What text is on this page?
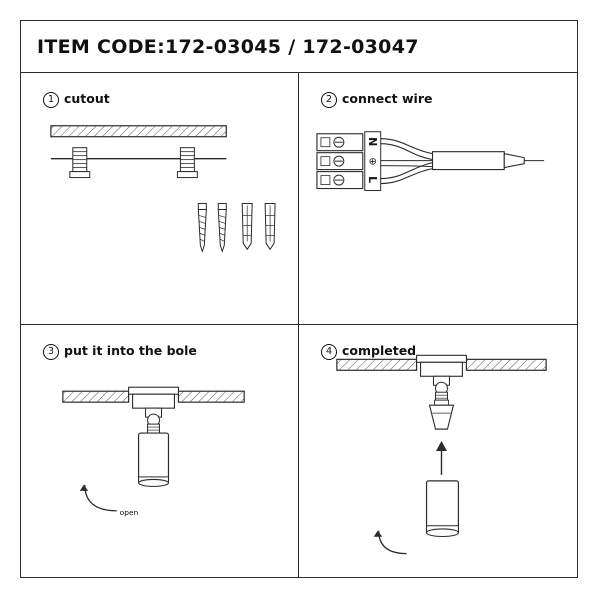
ITEM CODE:172-03045 / 172-03047
1 cutout	2 connect wire
N
⊕
L
3 put it into the bole
open
4 completed
